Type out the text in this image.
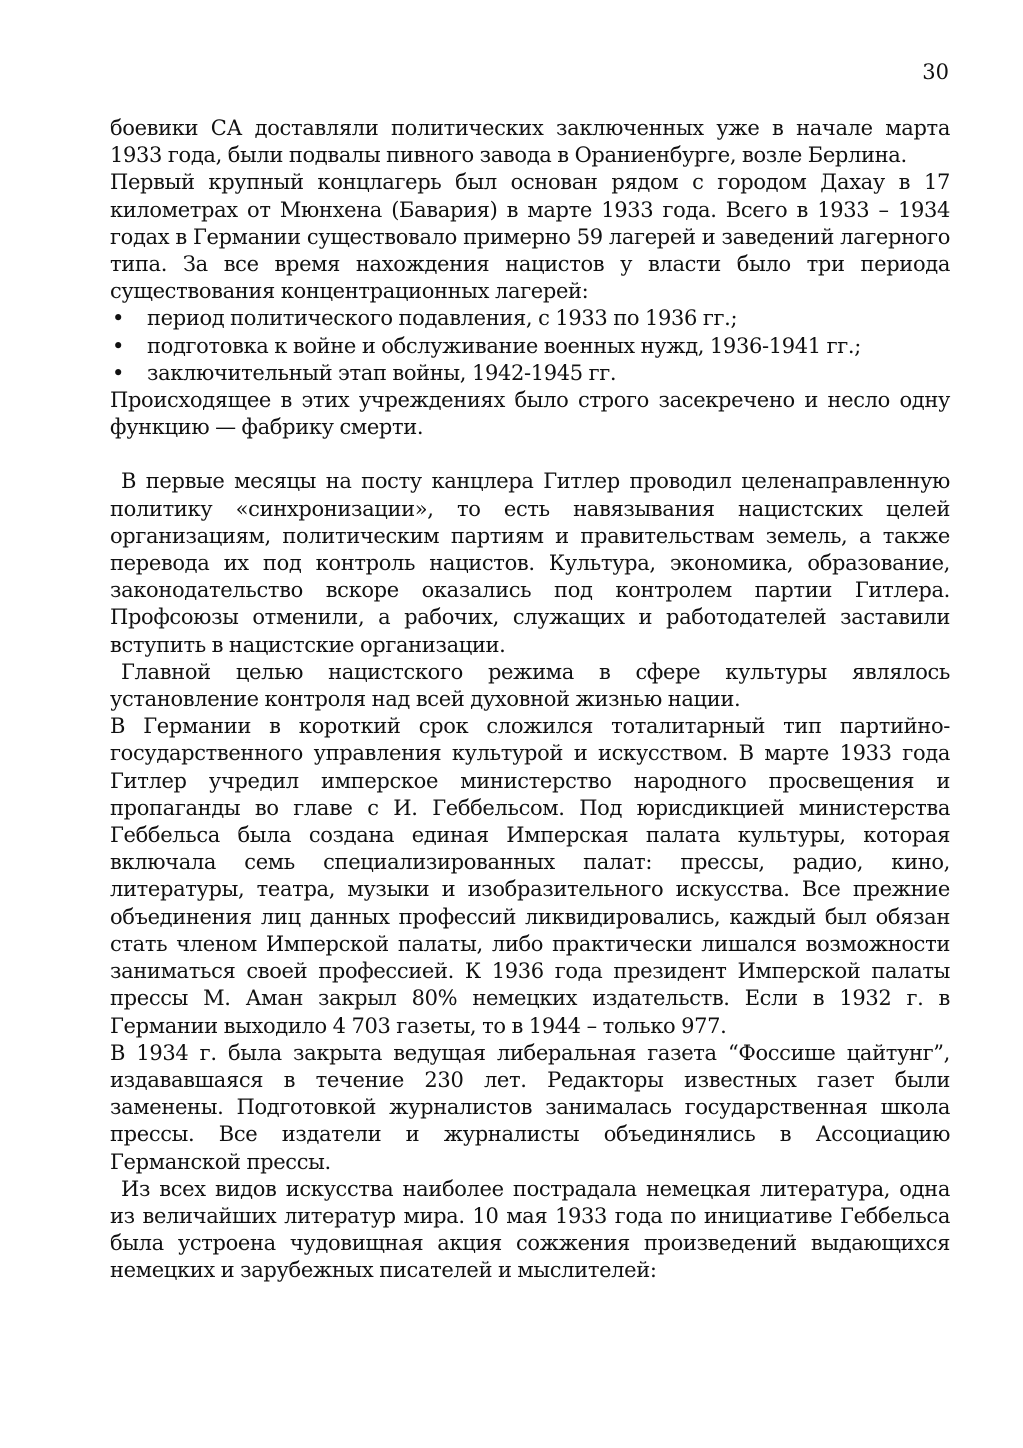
30

боевики СА доставляли политических заключенных уже в начале марта 1933 года, были подвалы пивного завода в Ораниенбурге, возле Берлина.

Первый крупный концлагерь был основан рядом с городом Дахау в 17 километрах от Мюнхена (Бавария) в марте 1933 года. Всего в 1933 – 1934 годах в Германии существовало примерно 59 лагерей и заведений лагерного типа. За все время нахождения нацистов у власти было три периода существования концентрационных лагерей:

• период политического подавления, с 1933 по 1936 гг.;
• подготовка к войне и обслуживание военных нужд, 1936-1941 гг.;
• заключительный этап войны, 1942-1945 гг.

Происходящее в этих учреждениях было строго засекречено и несло одну функцию — фабрику смерти.

В первые месяцы на посту канцлера Гитлер проводил целенаправленную политику «синхронизации», то есть навязывания нацистских целей организациям, политическим партиям и правительствам земель, а также перевода их под контроль нацистов. Культура, экономика, образование, законодательство вскоре оказались под контролем партии Гитлера. Профсоюзы отменили, а рабочих, служащих и работодателей заставили вступить в нацистские организации.

Главной целью нацистского режима в сфере культуры являлось установление контроля над всей духовной жизнью нации.

В Германии в короткий срок сложился тоталитарный тип партийно-государственного управления культурой и искусством. В марте 1933 года Гитлер учредил имперское министерство народного просвещения и пропаганды во главе с И. Геббельсом. Под юрисдикцией министерства Геббельса была создана единая Имперская палата культуры, которая включала семь специализированных палат: прессы, радио, кино, литературы, театра, музыки и изобразительного искусства. Все прежние объединения лиц данных профессий ликвидировались, каждый был обязан стать членом Имперской палаты, либо практически лишался возможности заниматься своей профессией. К 1936 года президент Имперской палаты прессы М. Аман закрыл 80% немецких издательств. Если в 1932 г. в Германии выходило 4 703 газеты, то в 1944 – только 977.

В 1934 г. была закрыта ведущая либеральная газета “Фоссише цайтунг”, издававшаяся в течение 230 лет. Редакторы известных газет были заменены. Подготовкой журналистов занималась государственная школа прессы. Все издатели и журналисты объединялись в Ассоциацию Германской прессы.

Из всех видов искусства наиболее пострадала немецкая литература, одна из величайших литератур мира. 10 мая 1933 года по инициативе Геббельса была устроена чудовищная акция сожжения произведений выдающихся немецких и зарубежных писателей и мыслителей:
